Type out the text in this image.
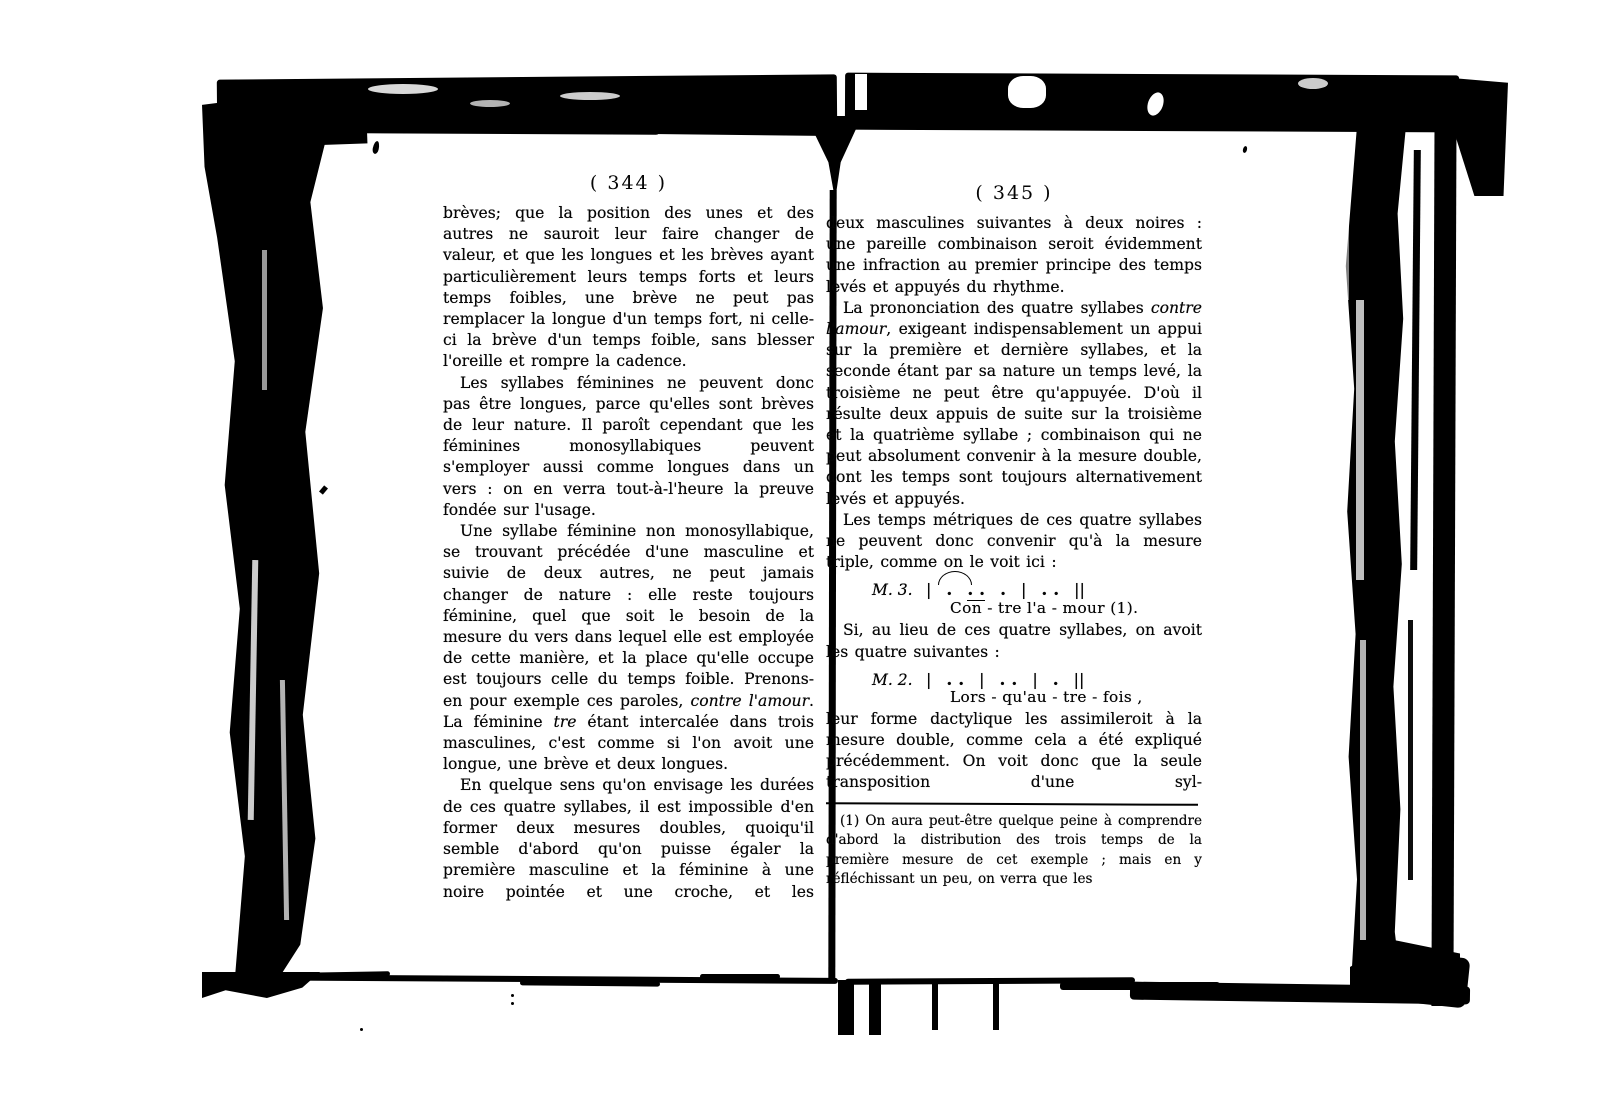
( 344 )

brèves; que la position des unes et des autres ne sauroit leur faire changer de valeur, et que les longues et les brèves ayant particulièrement leurs temps forts et leurs temps foibles, une brève ne peut pas remplacer la longue d'un temps fort, ni celle-ci la brève d'un temps foible, sans blesser l'oreille et rompre la cadence.

Les syllabes féminines ne peuvent donc pas être longues, parce qu'elles sont brèves de leur nature. Il paroît cependant que les féminines monosyllabiques peuvent s'employer aussi comme longues dans un vers : on en verra tout-à-l'heure la preuve fondée sur l'usage.

Une syllabe féminine non monosyllabique, se trouvant précédée d'une masculine et suivie de deux autres, ne peut jamais changer de nature : elle reste toujours féminine, quel que soit le besoin de la mesure du vers dans lequel elle est employée de cette manière, et la place qu'elle occupe est toujours celle du temps foible. Prenons-en pour exemple ces paroles, contre l'amour. La féminine tre étant intercalée dans trois masculines, c'est comme si l'on avoit une longue, une brève et deux longues.

En quelque sens qu'on envisage les durées de ces quatre syllabes, il est impossible d'en former deux mesures doubles, quoiqu'il semble d'abord qu'on puisse égaler la première masculine et la féminine à une noire pointée et une croche, et les

( 345 )

deux masculines suivantes à deux noires : une pareille combinaison seroit évidemment une infraction au premier principe des temps levés et appuyés du rhythme.

La prononciation des quatre syllabes contre l'amour, exigeant indispensablement un appui sur la première et dernière syllabes, et la seconde étant par sa nature un temps levé, la troisième ne peut être qu'appuyée. D'où il résulte deux appuis de suite sur la troisième et la quatrième syllabe ; combinaison qui ne peut absolument convenir à la mesure double, dont les temps sont toujours alternativement levés et appuyés.

Les temps métriques de ces quatre syllabes ne peuvent donc convenir qu'à la mesure triple, comme on le voit ici :

M. 3. | . . . . | . . ||
Con - tre l'a - mour (1).

Si, au lieu de ces quatre syllabes, on avoit les quatre suivantes :

M. 2. | . . | . . | . ||
Lors - qu'au - tre - fois ,

leur forme dactylique les assimileroit à la mesure double, comme cela a été expliqué précédemment. On voit donc que la seule transposition d'une syl-

(1) On aura peut-être quelque peine à comprendre d'abord la distribution des trois temps de la première mesure de cet exemple ; mais en y réfléchissant un peu, on verra que les
